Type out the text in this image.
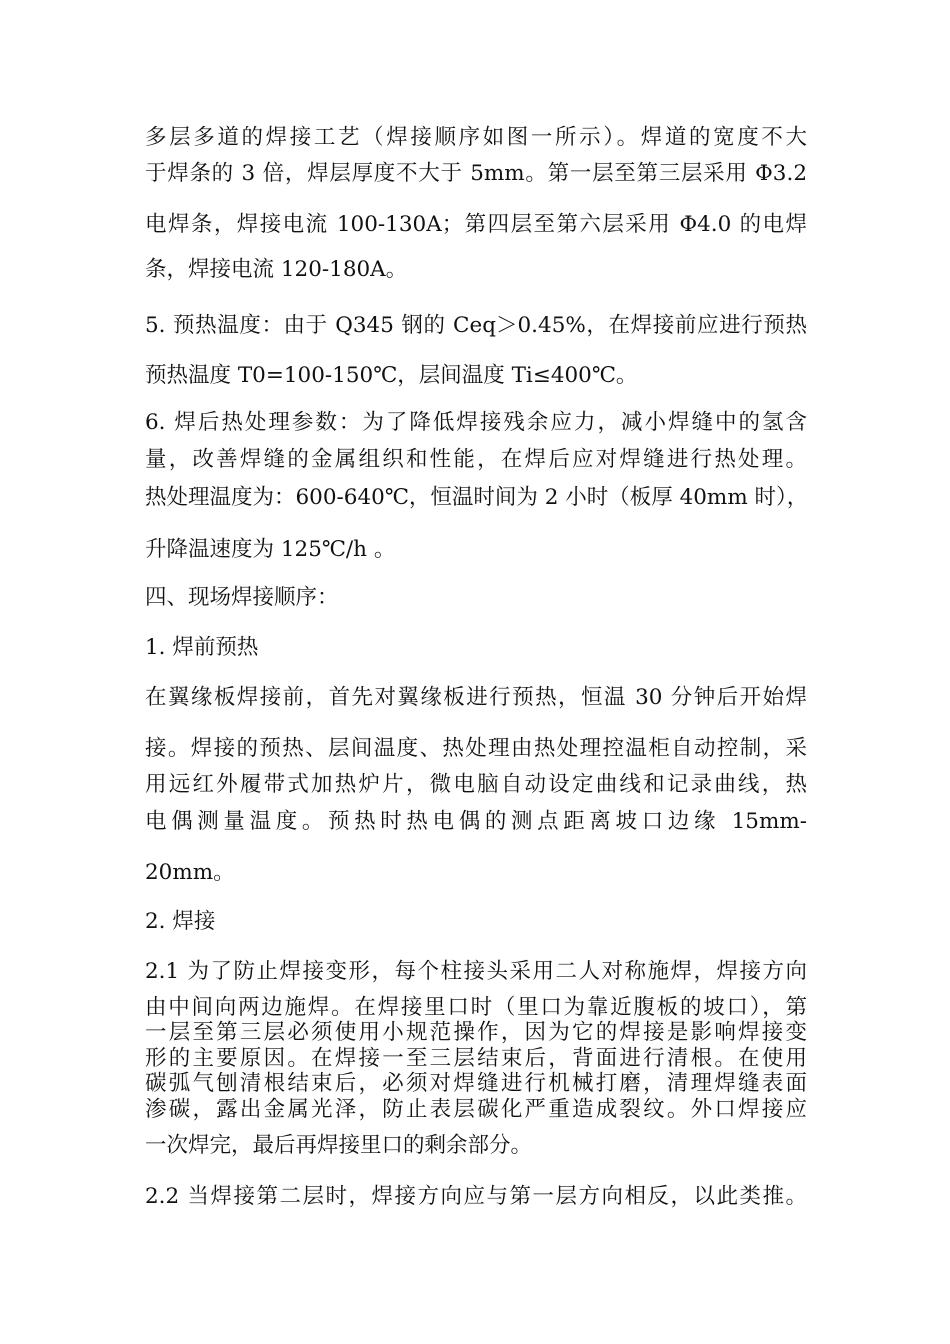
多层多道的焊接工艺（焊接顺序如图一所示）。焊道的宽度不大
于焊条的 3 倍，焊层厚度不大于 5mm。第一层至第三层采用 Φ3.2
电焊条，焊接电流 100-130A；第四层至第六层采用 Φ4.0 的电焊
条，焊接电流 120-180A。
5. 预热温度：由于 Q345 钢的 Ceq＞0.45%，在焊接前应进行预热
预热温度 T0=100-150℃，层间温度 Ti≤400℃。
6. 焊后热处理参数：为了降低焊接残余应力，减小焊缝中的氢含
量，改善焊缝的金属组织和性能，在焊后应对焊缝进行热处理。
热处理温度为：600-640℃，恒温时间为 2 小时（板厚 40mm 时），
升降温速度为 125℃/h 。
四、现场焊接顺序：
1. 焊前预热
在翼缘板焊接前，首先对翼缘板进行预热，恒温 30 分钟后开始焊
接。焊接的预热、层间温度、热处理由热处理控温柜自动控制，采
用远红外履带式加热炉片，微电脑自动设定曲线和记录曲线，热
电偶测量温度。预热时热电偶的测点距离坡口边缘 15mm-
20mm。
2. 焊接
2.1 为了防止焊接变形，每个柱接头采用二人对称施焊，焊接方向
由中间向两边施焊。在焊接里口时（里口为靠近腹板的坡口），第
一层至第三层必须使用小规范操作，因为它的焊接是影响焊接变
形的主要原因。在焊接一至三层结束后，背面进行清根。在使用
碳弧气刨清根结束后，必须对焊缝进行机械打磨，清理焊缝表面
渗碳，露出金属光泽，防止表层碳化严重造成裂纹。外口焊接应
一次焊完，最后再焊接里口的剩余部分。
2.2 当焊接第二层时，焊接方向应与第一层方向相反，以此类推。
